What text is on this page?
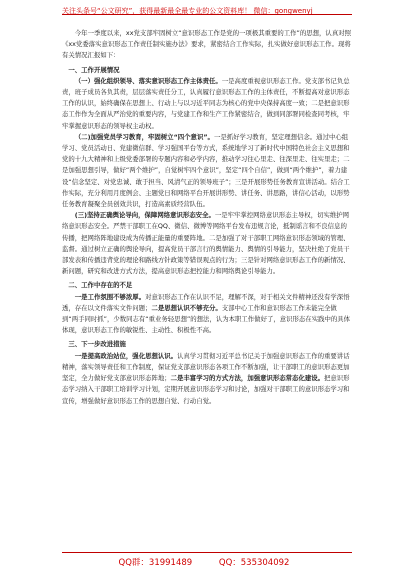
关注头条号“公文研究”，获得最新最全最专业的公文资料库！ 微信：gongwenyj

今年一季度以来，xx党支部牢固树立“意识形态工作是党的一项极其重要的工作”的思想，认真对照《xx党委落实意识形态工作责任制实施办法》要求，紧密结合工作实际，扎实做好意识形态工作。现将有关情况汇报如下：

一、工作开展情况

（一）强化组织领导、落实意识形态工作主体责任。一是高度重视意识形态工作。党支部书记负总责，班子成员各负其责，层层落实责任分工，认真履行意识形态工作的主体责任，不断提高对意识形态工作的认识，始终确保在思想上、行动上与以习近平同志为核心的党中央保持高度一致；二是把意识形态工作作为全面从严治党的重要内容，与党建工作和生产工作紧密结合，做到同部署同检查同考核，牢牢掌握意识形态的领导权主动权。

（二)加强党员学习教育，牢固树立“四个意识”。一是抓好学习教育，坚定理想信念。通过中心组学习、党员活动日、党建微信群、学习强国平台等方式，系统地学习了新时代中国特色社会主义思想和党的十九大精神和上级党委部署的专题内容和必学内容，推动学习往心里走、往深里走、往实里走；二是加强思想引导，做好“两个维护”，自觉树牢四个意识”，坚定“四个自信”，做到“两个维护”，着力建设“信念坚定、对党忠诚、敢于担当、风清气正的领导班子”；三是开展形势任务教育宣讲活动。结合工作实际，充分利用月度例会、主题党日和网络平台开展讲形势、讲任务、讲思路，讲信心活动，以形势任务教育凝聚全员创效共识，打造高素质经营队伍。

(三)坚持正确舆论导向，保障网络意识形态安全。一是牢牢掌控网络意识形态主导权，切实维护网络意识形态安全。严禁干部职工在QQ、微信、微博等网络平台发布违规言论，抵制谣言和不良信息的传播，把网络阵地建设成为传播正能量的重要阵地。二是加强了对干部职工网络意识形态领域的管理、监督。通过树立正确的舆论导向，提高党员干部言行的舆情能力、舆情的引导能力，坚决杜绝了党员干部发表和传播违背党的理论和路线方针政策等错误观点的行为；三是针对网络意识形态工作的新情况、新问题，研究和改进方式方法，提高意识形态把控能力和网络舆论引导能力。

二、工作中存在的不足

一是工作氛围不够浓厚。对意识形态工作在认识不足，理解不深，对于相关文件精神还没有学深悟透，存在以文件落实文件问题；二是思想认识不够充分。支部中心工作和意识形态工作未能完全做到“两手同时抓”，少数同志有“重业务轻思想”的想法，认为本职工作做好了，意识形态在实践中的具体体现，意识形态工作的敏锐性、主动性、积极性不高。

三、下一步改进措施

一是提高政治站位，强化思想认识。认真学习贯彻习近平总书记关于加强意识形态工作的重要讲话精神，落实领导责任和工作制度，保证党支部意识形态各项工作不断加强，让干部职工的意识形态更加坚定，全力做好党支部意识形态阵地；二是丰富学习的方式方法，加强意识形态常态化建设。把意识形态学习纳入干部职工培训学习计划，定期开展意识形态学习和讨论，加强对干部职工的意识形态学习和宣传，增强做好意识形态工作的思想自觉、行动自觉。

QQ群：31991489	QQ：535304092
